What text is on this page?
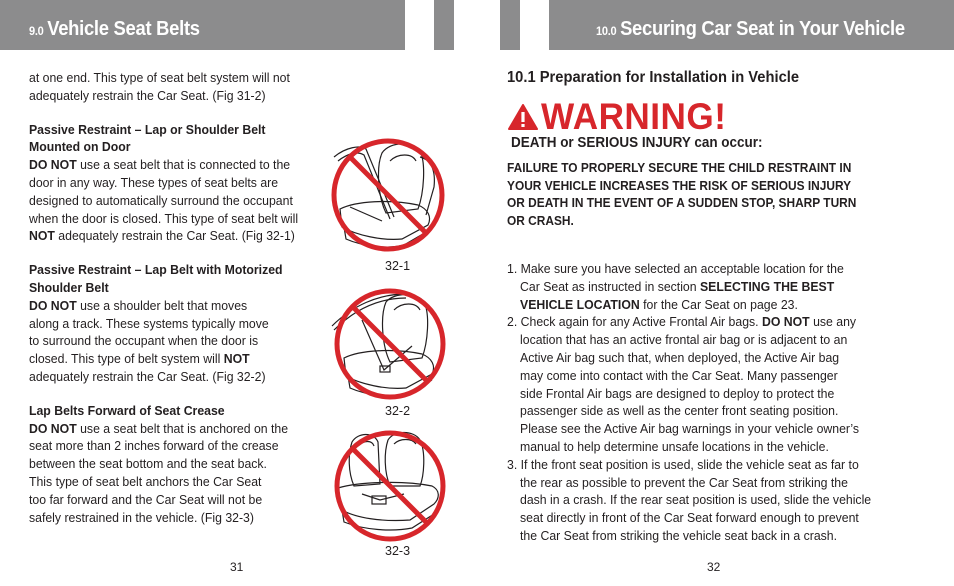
9.0 Vehicle Seat Belts	10.0 Securing Car Seat in Your Vehicle

at one end. This type of seat belt system will not

adequately restrain the Car Seat. (Fig 31-2)

Passive Restraint – Lap or Shoulder Belt

Mounted on Door

DO NOT use a seat belt that is connected to the

door in any way. These types of seat belts are

designed to automatically surround the occupant

when the door is closed. This type of seat belt will

NOT adequately restrain the Car Seat. (Fig 32-1)

Passive Restraint – Lap Belt with Motorized

Shoulder Belt

DO NOT use a shoulder belt that moves

along a track. These systems typically move

to surround the occupant when the door is

closed. This type of belt system will NOT

adequately restrain the Car Seat. (Fig 32-2)

Lap Belts Forward of Seat Crease

DO NOT use a seat belt that is anchored on the

seat more than 2 inches forward of the crease

between the seat bottom and the seat back.

This type of seat belt anchors the Car Seat

too far forward and the Car Seat will not be

safely restrained in the vehicle. (Fig 32-3)

32-1
32-2
32-3
31
10.1 Preparation for Installation in Vehicle
WARNING!
DEATH or SERIOUS INJURY can occur:
FAILURE TO PROPERLY SECURE THE CHILD RESTRAINT IN
YOUR VEHICLE INCREASES THE RISK OF SERIOUS INJURY
OR DEATH IN THE EVENT OF A SUDDEN STOP, SHARP TURN
OR CRASH.
1. Make sure you have selected an acceptable location for the
Car Seat as instructed in section SELECTING THE BEST
VEHICLE LOCATION for the Car Seat on page 23.
2. Check again for any Active Frontal Air bags. DO NOT use any
location that has an active frontal air bag or is adjacent to an
Active Air bag such that, when deployed, the Active Air bag
may come into contact with the Car Seat. Many passenger
side Frontal Air bags are designed to deploy to protect the
passenger side as well as the center front seating position.
Please see the Active Air bag warnings in your vehicle owner’s
manual to help determine unsafe locations in the vehicle.
3. If the front seat position is used, slide the vehicle seat as far to
the rear as possible to prevent the Car Seat from striking the
dash in a crash. If the rear seat position is used, slide the vehicle
seat directly in front of the Car Seat forward enough to prevent
the Car Seat from striking the vehicle seat back in a crash.
32
